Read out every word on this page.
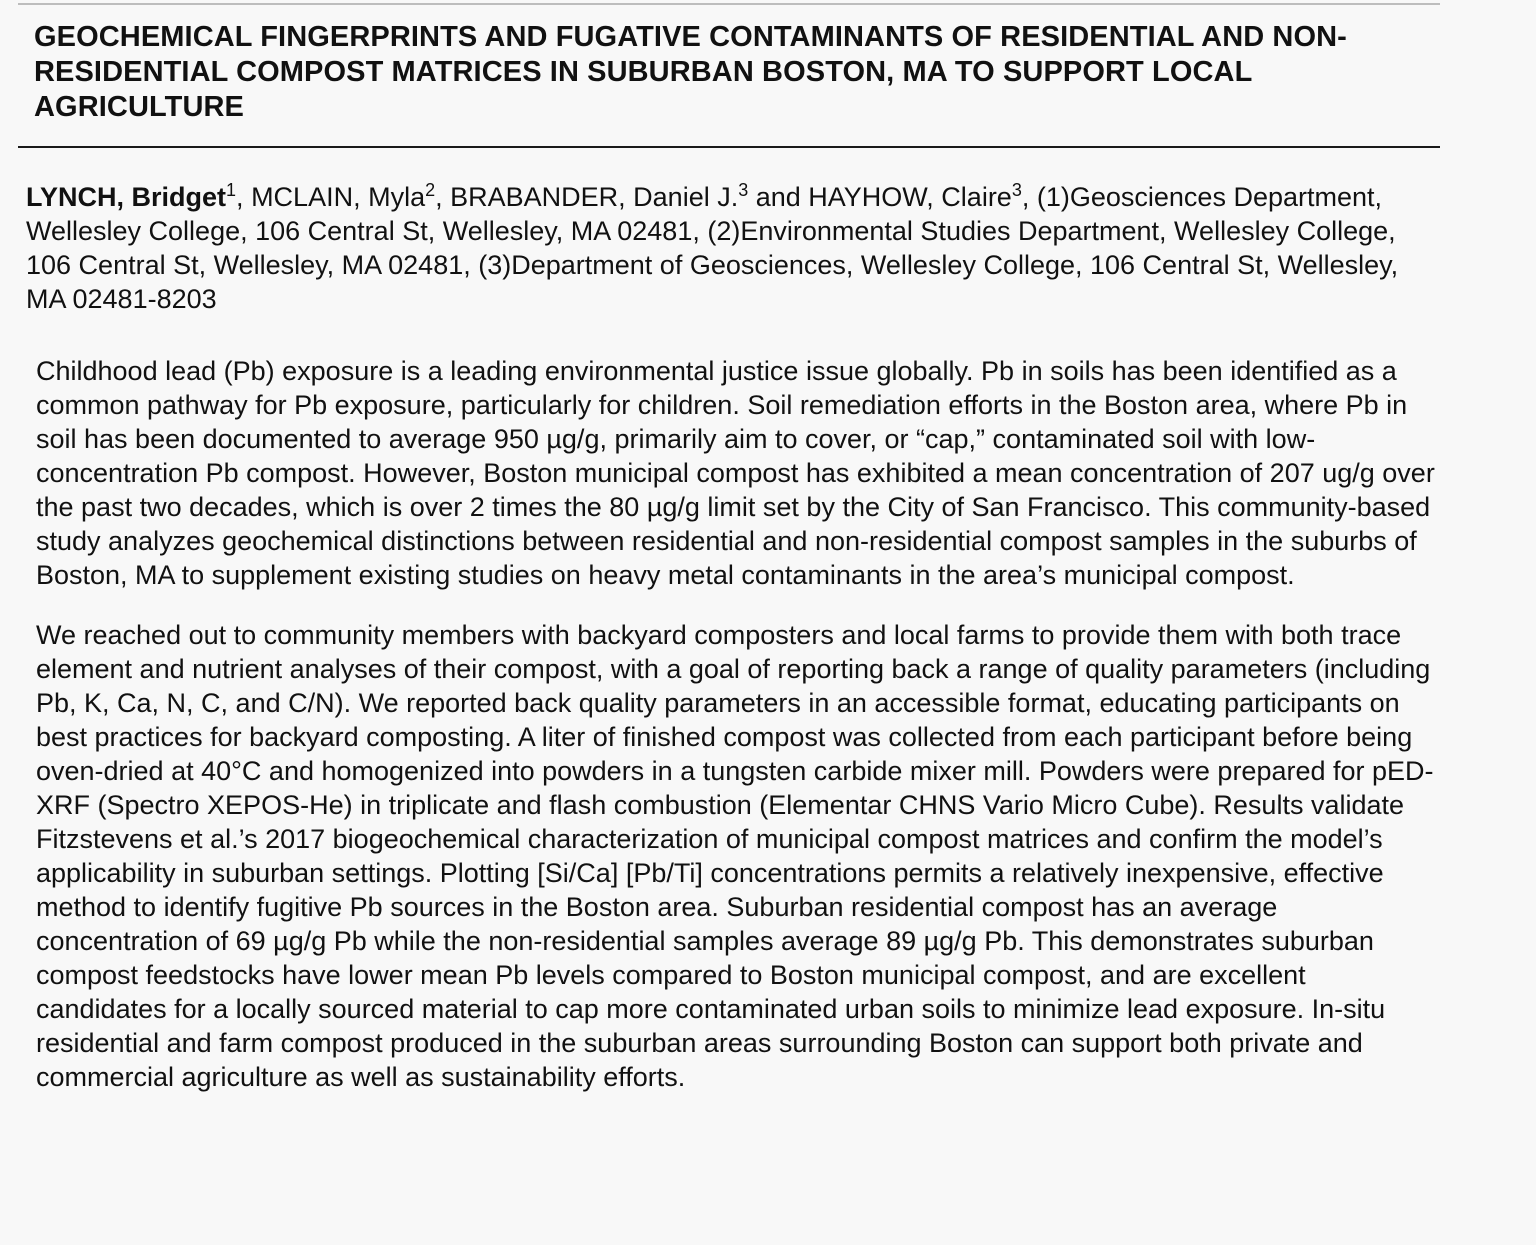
GEOCHEMICAL FINGERPRINTS AND FUGATIVE CONTAMINANTS OF RESIDENTIAL AND NON-RESIDENTIAL COMPOST MATRICES IN SUBURBAN BOSTON, MA TO SUPPORT LOCAL AGRICULTURE
LYNCH, Bridget$^1$, MCLAIN, Myla$^2$, BRABANDER, Daniel J.$^3$ and HAYHOW, Claire$^3$, (1)Geosciences Department, Wellesley College, 106 Central St, Wellesley, MA 02481, (2)Environmental Studies Department, Wellesley College, 106 Central St, Wellesley, MA 02481, (3)Department of Geosciences, Wellesley College, 106 Central St, Wellesley, MA 02481-8203

Childhood lead (Pb) exposure is a leading environmental justice issue globally. Pb in soils has been identified as a common pathway for Pb exposure, particularly for children. Soil remediation efforts in the Boston area, where Pb in soil has been documented to average 950 µg/g, primarily aim to cover, or “cap,” contaminated soil with low-concentration Pb compost. However, Boston municipal compost has exhibited a mean concentration of 207 ug/g over the past two decades, which is over 2 times the 80 µg/g limit set by the City of San Francisco. This community-based study analyzes geochemical distinctions between residential and non-residential compost samples in the suburbs of Boston, MA to supplement existing studies on heavy metal contaminants in the area’s municipal compost.

We reached out to community members with backyard composters and local farms to provide them with both trace element and nutrient analyses of their compost, with a goal of reporting back a range of quality parameters (including Pb, K, Ca, N, C, and C/N). We reported back quality parameters in an accessible format, educating participants on best practices for backyard composting. A liter of finished compost was collected from each participant before being oven-dried at 40°C and homogenized into powders in a tungsten carbide mixer mill. Powders were prepared for pED-XRF (Spectro XEPOS-He) in triplicate and flash combustion (Elementar CHNS Vario Micro Cube). Results validate Fitzstevens et al.’s 2017 biogeochemical characterization of municipal compost matrices and confirm the model’s applicability in suburban settings. Plotting [Si/Ca] [Pb/Ti] concentrations permits a relatively inexpensive, effective method to identify fugitive Pb sources in the Boston area. Suburban residential compost has an average concentration of 69 µg/g Pb while the non-residential samples average 89 µg/g Pb. This demonstrates suburban compost feedstocks have lower mean Pb levels compared to Boston municipal compost, and are excellent candidates for a locally sourced material to cap more contaminated urban soils to minimize lead exposure. In-situ residential and farm compost produced in the suburban areas surrounding Boston can support both private and commercial agriculture as well as sustainability efforts.
